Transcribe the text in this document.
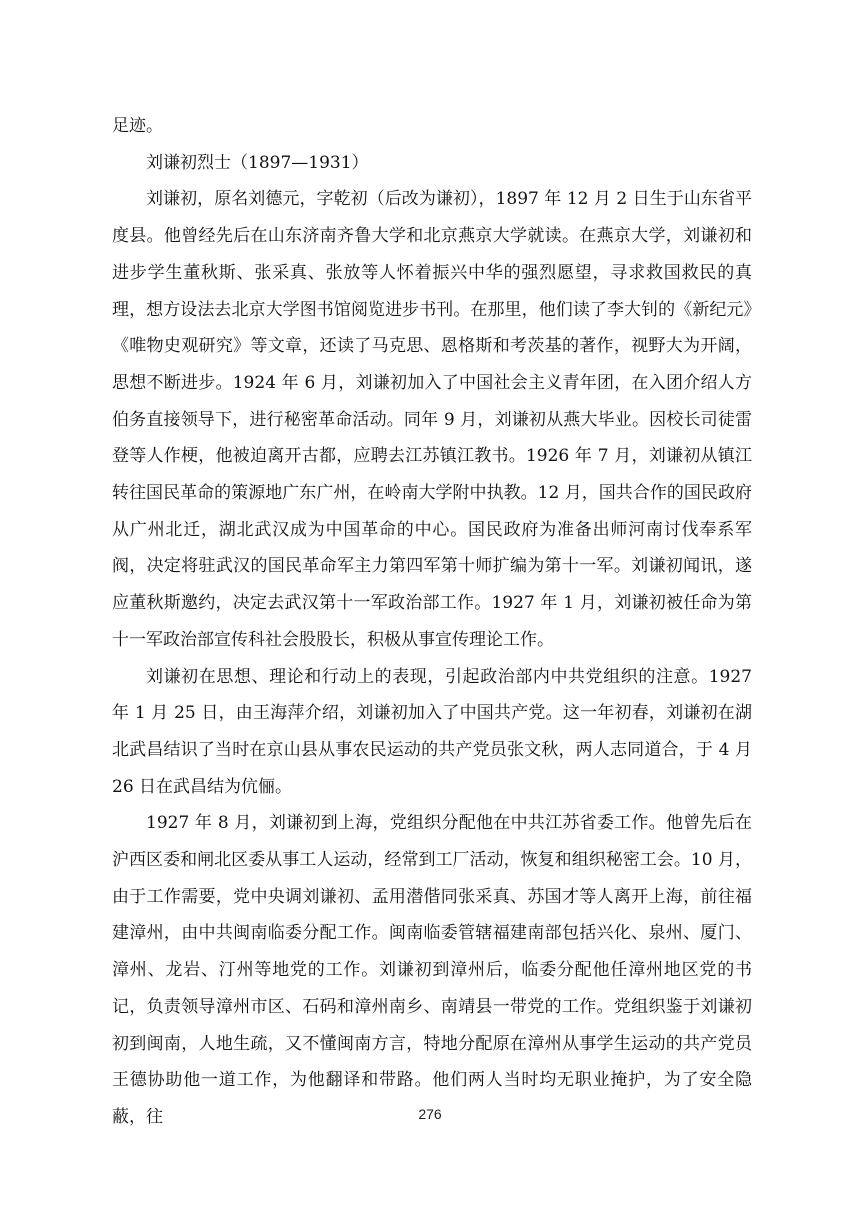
足迹。

刘谦初烈士（1897—1931）

刘谦初，原名刘德元，字乾初（后改为谦初），1897 年 12 月 2 日生于山东省平度县。他曾经先后在山东济南齐鲁大学和北京燕京大学就读。在燕京大学，刘谦初和进步学生董秋斯、张采真、张放等人怀着振兴中华的强烈愿望，寻求救国救民的真理，想方设法去北京大学图书馆阅览进步书刊。在那里，他们读了李大钊的《新纪元》《唯物史观研究》等文章，还读了马克思、恩格斯和考茨基的著作，视野大为开阔，思想不断进步。1924 年 6 月，刘谦初加入了中国社会主义青年团，在入团介绍人方伯务直接领导下，进行秘密革命活动。同年 9 月，刘谦初从燕大毕业。因校长司徒雷登等人作梗，他被迫离开古都，应聘去江苏镇江教书。1926 年 7 月，刘谦初从镇江转往国民革命的策源地广东广州，在岭南大学附中执教。12 月，国共合作的国民政府从广州北迁，湖北武汉成为中国革命的中心。国民政府为准备出师河南讨伐奉系军阀，决定将驻武汉的国民革命军主力第四军第十师扩编为第十一军。刘谦初闻讯，遂应董秋斯邀约，决定去武汉第十一军政治部工作。1927 年 1 月，刘谦初被任命为第十一军政治部宣传科社会股股长，积极从事宣传理论工作。

刘谦初在思想、理论和行动上的表现，引起政治部内中共党组织的注意。1927 年 1 月 25 日，由王海萍介绍，刘谦初加入了中国共产党。这一年初春，刘谦初在湖北武昌结识了当时在京山县从事农民运动的共产党员张文秋，两人志同道合，于 4 月 26 日在武昌结为伉俪。

1927 年 8 月，刘谦初到上海，党组织分配他在中共江苏省委工作。他曾先后在沪西区委和闸北区委从事工人运动，经常到工厂活动，恢复和组织秘密工会。10 月，由于工作需要，党中央调刘谦初、孟用潜偕同张采真、苏国才等人离开上海，前往福建漳州，由中共闽南临委分配工作。闽南临委管辖福建南部包括兴化、泉州、厦门、漳州、龙岩、汀州等地党的工作。刘谦初到漳州后，临委分配他任漳州地区党的书记，负责领导漳州市区、石码和漳州南乡、南靖县一带党的工作。党组织鉴于刘谦初初到闽南，人地生疏，又不懂闽南方言，特地分配原在漳州从事学生运动的共产党员王德协助他一道工作，为他翻译和带路。他们两人当时均无职业掩护，为了安全隐蔽，往	276
